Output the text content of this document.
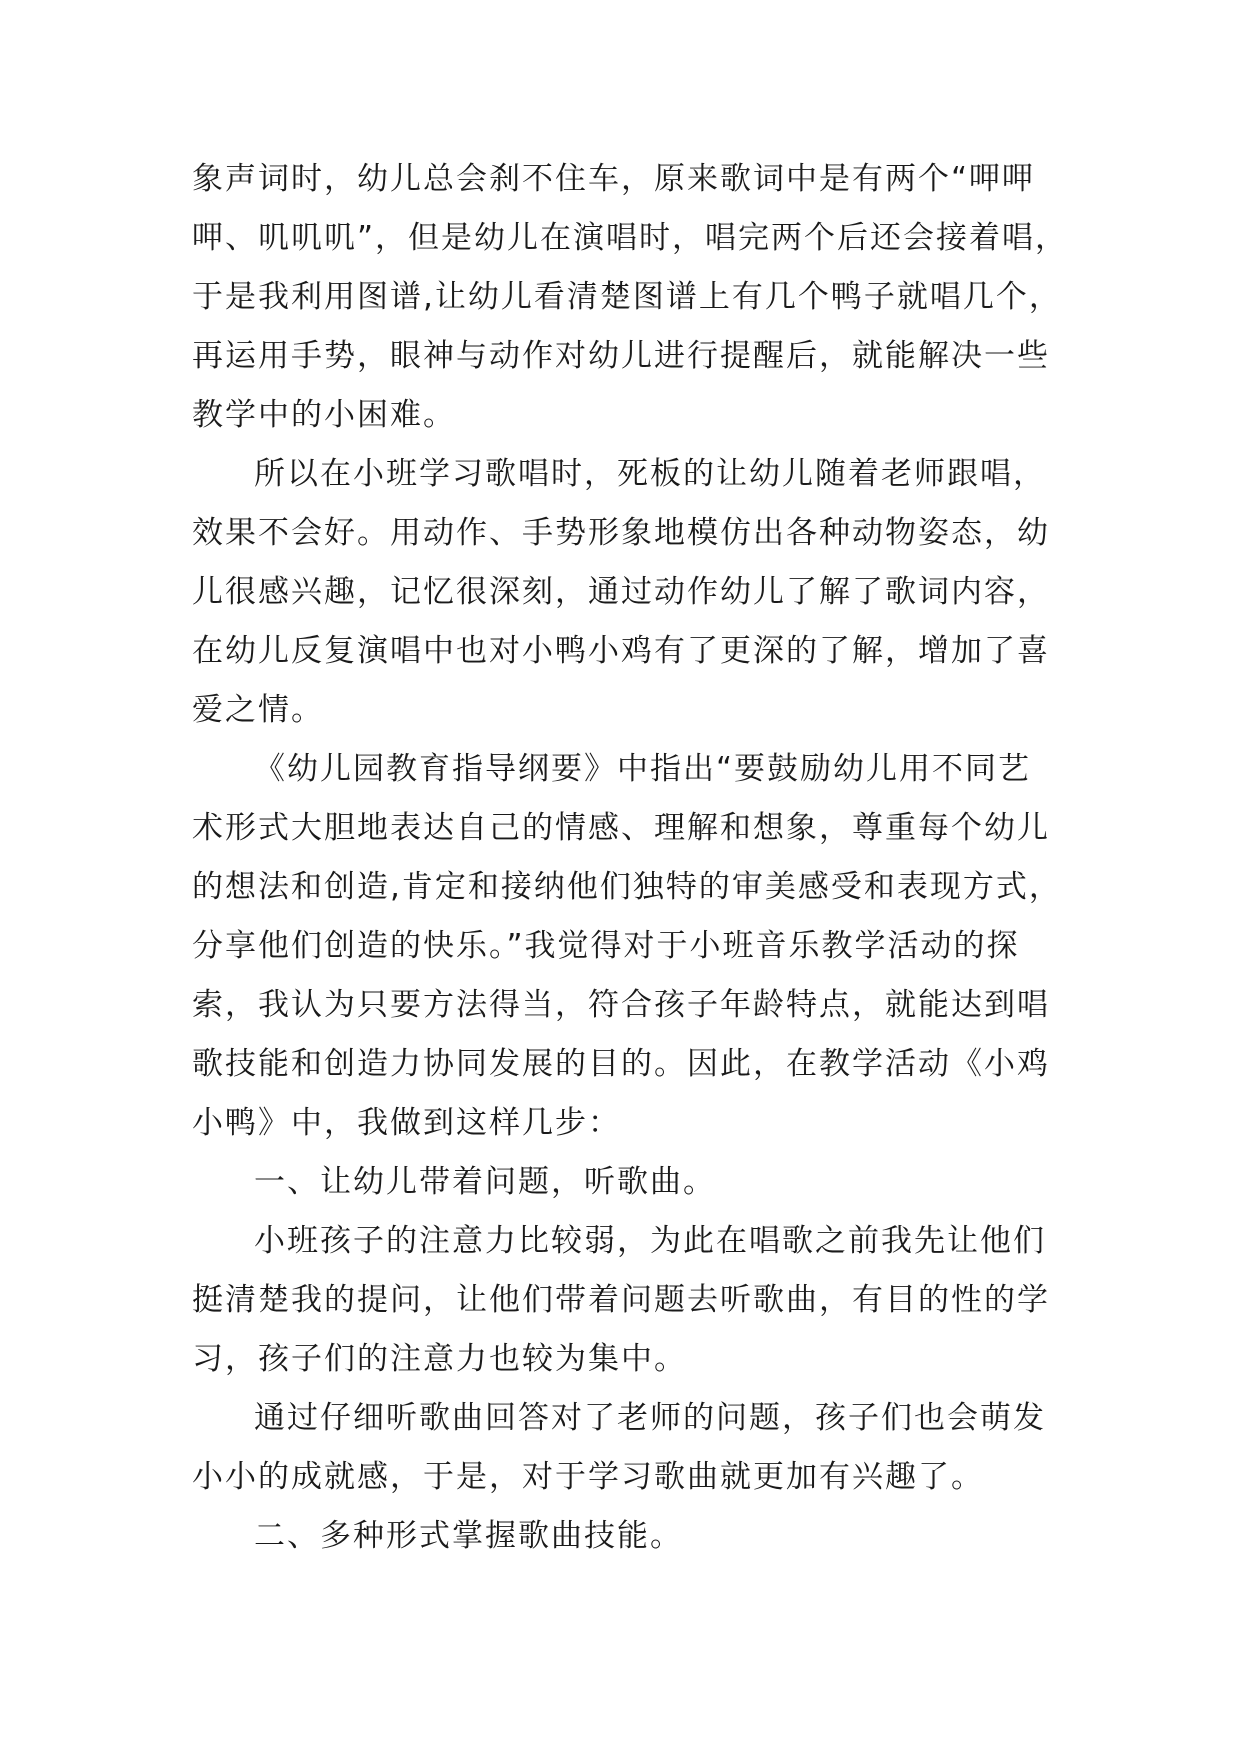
象声词时，幼儿总会刹不住车，原来歌词中是有两个“呷呷
呷、叽叽叽”，但是幼儿在演唱时，唱完两个后还会接着唱，
于是我利用图谱,让幼儿看清楚图谱上有几个鸭子就唱几个，
再运用手势，眼神与动作对幼儿进行提醒后，就能解决一些
教学中的小困难。
所以在小班学习歌唱时，死板的让幼儿随着老师跟唱，
效果不会好。用动作、手势形象地模仿出各种动物姿态，幼
儿很感兴趣，记忆很深刻，通过动作幼儿了解了歌词内容，
在幼儿反复演唱中也对小鸭小鸡有了更深的了解，增加了喜
爱之情。
《幼儿园教育指导纲要》中指出“要鼓励幼儿用不同艺
术形式大胆地表达自己的情感、理解和想象，尊重每个幼儿
的想法和创造,肯定和接纳他们独特的审美感受和表现方式，
分享他们创造的快乐。”我觉得对于小班音乐教学活动的探
索，我认为只要方法得当，符合孩子年龄特点，就能达到唱
歌技能和创造力协同发展的目的。因此，在教学活动《小鸡
小鸭》中，我做到这样几步：
一、让幼儿带着问题，听歌曲。
小班孩子的注意力比较弱，为此在唱歌之前我先让他们
挺清楚我的提问，让他们带着问题去听歌曲，有目的性的学
习，孩子们的注意力也较为集中。
通过仔细听歌曲回答对了老师的问题，孩子们也会萌发
小小的成就感，于是，对于学习歌曲就更加有兴趣了。
二、多种形式掌握歌曲技能。
